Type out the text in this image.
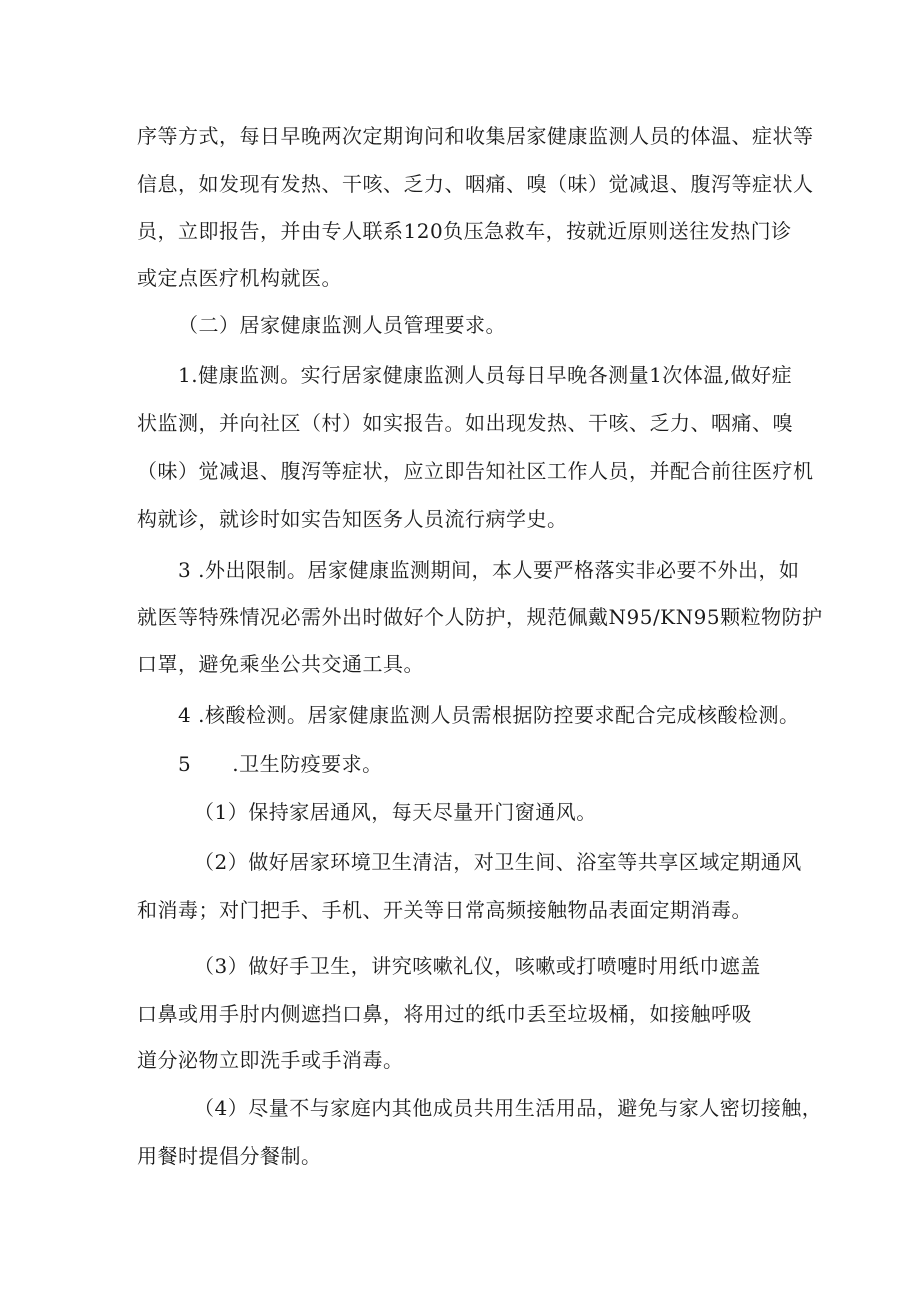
序等方式，每日早晚两次定期询问和收集居家健康监测人员的体温、症状等
信息，如发现有发热、干咳、乏力、咽痛、嗅（味）觉减退、腹泻等症状人
员，立即报告，并由专人联系120负压急救车，按就近原则送往发热门诊
或定点医疗机构就医。
（二）居家健康监测人员管理要求。
1.健康监测。实行居家健康监测人员每日早晚各测量1次体温,做好症
状监测，并向社区（村）如实报告。如出现发热、干咳、乏力、咽痛、嗅
（味）觉减退、腹泻等症状，应立即告知社区工作人员，并配合前往医疗机
构就诊，就诊时如实告知医务人员流行病学史。
3 .外出限制。居家健康监测期间，本人要严格落实非必要不外出，如
就医等特殊情况必需外出时做好个人防护，规范佩戴N95/KN95颗粒物防护
口罩，避免乘坐公共交通工具。
4 .核酸检测。居家健康监测人员需根据防控要求配合完成核酸检测。
5　　.卫生防疫要求。
（1）保持家居通风，每天尽量开门窗通风。
（2）做好居家环境卫生清洁，对卫生间、浴室等共享区域定期通风
和消毒；对门把手、手机、开关等日常高频接触物品表面定期消毒。
（3）做好手卫生，讲究咳嗽礼仪，咳嗽或打喷嚏时用纸巾遮盖
口鼻或用手肘内侧遮挡口鼻，将用过的纸巾丢至垃圾桶，如接触呼吸
道分泌物立即洗手或手消毒。
（4）尽量不与家庭内其他成员共用生活用品，避免与家人密切接触，
用餐时提倡分餐制。
